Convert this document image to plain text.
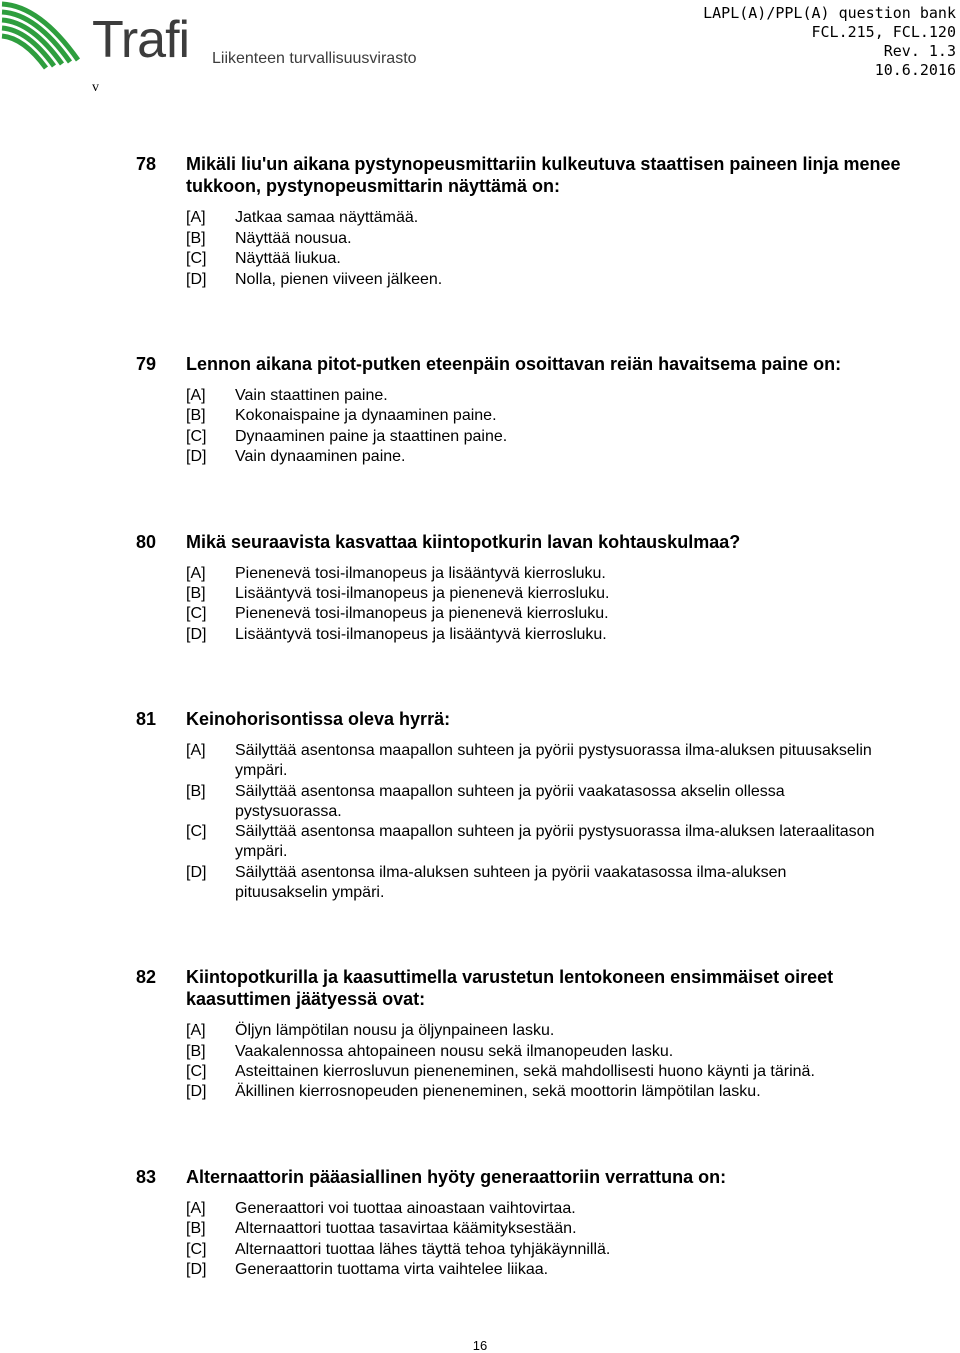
Trafi Liikenteen turvallisuusvirasto
v
LAPL(A)/PPL(A) question bank
FCL.215, FCL.120
Rev. 1.3
10.6.2016
78 Mikäli liu'un aikana pystynopeusmittariin kulkeutuva staattisen paineen linja menee tukkoon, pystynopeusmittarin näyttämä on:
[A] Jatkaa samaa näyttämää.
[B] Näyttää nousua.
[C] Näyttää liukua.
[D] Nolla, pienen viiveen jälkeen.
79 Lennon aikana pitot-putken eteenpäin osoittavan reiän havaitsema paine on:
[A] Vain staattinen paine.
[B] Kokonaispaine ja dynaaminen paine.
[C] Dynaaminen paine ja staattinen paine.
[D] Vain dynaaminen paine.
80 Mikä seuraavista kasvattaa kiintopotkurin lavan kohtauskulmaa?
[A] Pienenevä tosi-ilmanopeus ja lisääntyvä kierrosluku.
[B] Lisääntyvä tosi-ilmanopeus ja pienenevä kierrosluku.
[C] Pienenevä tosi-ilmanopeus ja pienenevä kierrosluku.
[D] Lisääntyvä tosi-ilmanopeus ja lisääntyvä kierrosluku.
81 Keinohorisontissa oleva hyrrä:
[A] Säilyttää asentonsa maapallon suhteen ja pyörii pystysuorassa ilma-aluksen pituusakselin ympäri.
[B] Säilyttää asentonsa maapallon suhteen ja pyörii vaakatasossa akselin ollessa pystysuorassa.
[C] Säilyttää asentonsa maapallon suhteen ja pyörii pystysuorassa ilma-aluksen lateraalitason ympäri.
[D] Säilyttää asentonsa ilma-aluksen suhteen ja pyörii vaakatasossa ilma-aluksen pituusakselin ympäri.
82 Kiintopotkurilla ja kaasuttimella varustetun lentokoneen ensimmäiset oireet kaasuttimen jäätyessä ovat:
[A] Öljyn lämpötilan nousu ja öljynpaineen lasku.
[B] Vaakalennossa ahtopaineen nousu sekä ilmanopeuden lasku.
[C] Asteittainen kierrosluvun pieneneminen, sekä mahdollisesti huono käynti ja tärinä.
[D] Äkillinen kierrosnopeuden pieneneminen, sekä moottorin lämpötilan lasku.
83 Alternaattorin pääasiallinen hyöty generaattoriin verrattuna on:
[A] Generaattori voi tuottaa ainoastaan vaihtovirtaa.
[B] Alternaattori tuottaa tasavirtaa käämityksestään.
[C] Alternaattori tuottaa lähes täyttä tehoa tyhjäkäynnillä.
[D] Generaattorin tuottama virta vaihtelee liikaa.
16
